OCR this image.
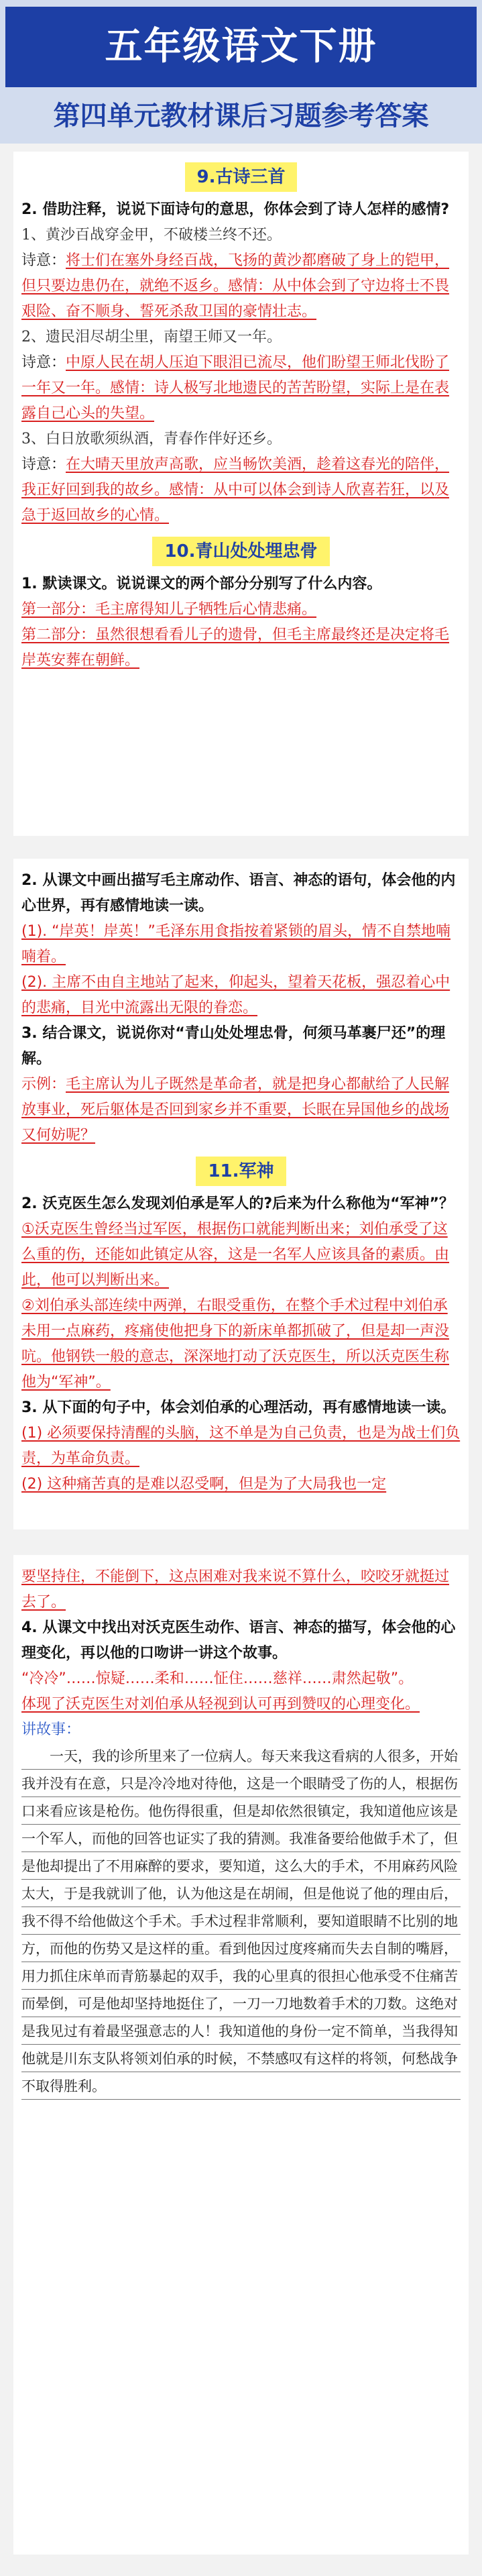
五年级语文下册
第四单元教材课后习题参考答案
9.古诗三首

2. 借助注释，说说下面诗句的意思，你体会到了诗人怎样的感情?

1、黄沙百战穿金甲，不破楼兰终不还。

诗意：将士们在塞外身经百战，飞扬的黄沙都磨破了身上的铠甲，但只要边患仍在，就绝不返乡。感情：从中体会到了守边将士不畏艰险、奋不顺身、誓死杀敌卫国的豪情壮志。

2、遗民泪尽胡尘里，南望王师又一年。

诗意：中原人民在胡人压迫下眼泪已流尽，他们盼望王师北伐盼了一年又一年。感情：诗人极写北地遗民的苦苦盼望，实际上是在表露自己心头的失望。

3、白日放歌须纵酒，青春作伴好还乡。

诗意：在大晴天里放声高歌，应当畅饮美酒，趁着这春光的陪伴，我正好回到我的故乡。感情：从中可以体会到诗人欣喜若狂，以及急于返回故乡的心情。

10.青山处处埋忠骨

1. 默读课文。说说课文的两个部分分别写了什么内容。

第一部分：毛主席得知儿子牺牲后心情悲痛。

第二部分：虽然很想看看儿子的遗骨，但毛主席最终还是决定将毛岸英安葬在朝鲜。

2. 从课文中画出描写毛主席动作、语言、神态的语句，体会他的内心世界，再有感情地读一读。

(1). “岸英！岸英！”毛泽东用食指按着紧锁的眉头，情不自禁地喃喃着。

(2). 主席不由自主地站了起来，仰起头，望着天花板，强忍着心中的悲痛，目光中流露出无限的眷恋。

3. 结合课文，说说你对“青山处处埋忠骨，何须马革裹尸还”的理解。

示例：毛主席认为儿子既然是革命者，就是把身心都献给了人民解放事业，死后躯体是否回到家乡并不重要，长眠在异国他乡的战场又何妨呢？

11.军神

2. 沃克医生怎么发现刘伯承是军人的?后来为什么称他为“军神”？

①沃克医生曾经当过军医，根据伤口就能判断出来；刘伯承受了这么重的伤，还能如此镇定从容，这是一名军人应该具备的素质。由此，他可以判断出来。

②刘伯承头部连续中两弹，右眼受重伤，在整个手术过程中刘伯承未用一点麻药，疼痛使他把身下的新床单都抓破了，但是却一声没吭。他钢铁一般的意志，深深地打动了沃克医生，所以沃克医生称他为“军神”。

3. 从下面的句子中，体会刘伯承的心理活动，再有感情地读一读。

(1) 必须要保持清醒的头脑，这不单是为自己负责，也是为战士们负责，为革命负责。

(2) 这种痛苦真的是难以忍受啊，但是为了大局我也一定

要坚持住，不能倒下，这点困难对我来说不算什么，咬咬牙就挺过去了。

4. 从课文中找出对沃克医生动作、语言、神态的描写，体会他的心理变化，再以他的口吻讲一讲这个故事。

“冷冷”……惊疑……柔和……怔住……慈祥……肃然起敬”。

体现了沃克医生对刘伯承从轻视到认可再到赞叹的心理变化。

讲故事：

一天，我的诊所里来了一位病人。每天来我这看病的人很多，开始我并没有在意，只是冷冷地对待他，这是一个眼睛受了伤的人，根据伤口来看应该是枪伤。他伤得很重，但是却依然很镇定，我知道他应该是一个军人，而他的回答也证实了我的猜测。我准备要给他做手术了，但是他却提出了不用麻醉的要求，要知道，这么大的手术，不用麻药风险太大，于是我就训了他，认为他这是在胡闹，但是他说了他的理由后，我不得不给他做这个手术。手术过程非常顺利，要知道眼睛不比别的地方，而他的伤势又是这样的重。看到他因过度疼痛而失去自制的嘴唇，用力抓住床单而青筋暴起的双手，我的心里真的很担心他承受不住痛苦而晕倒，可是他却坚持地挺住了，一刀一刀地数着手术的刀数。这绝对是我见过有着最坚强意志的人！我知道他的身份一定不简单，当我得知他就是川东支队将领刘伯承的时候，不禁感叹有这样的将领，何愁战争不取得胜利。
